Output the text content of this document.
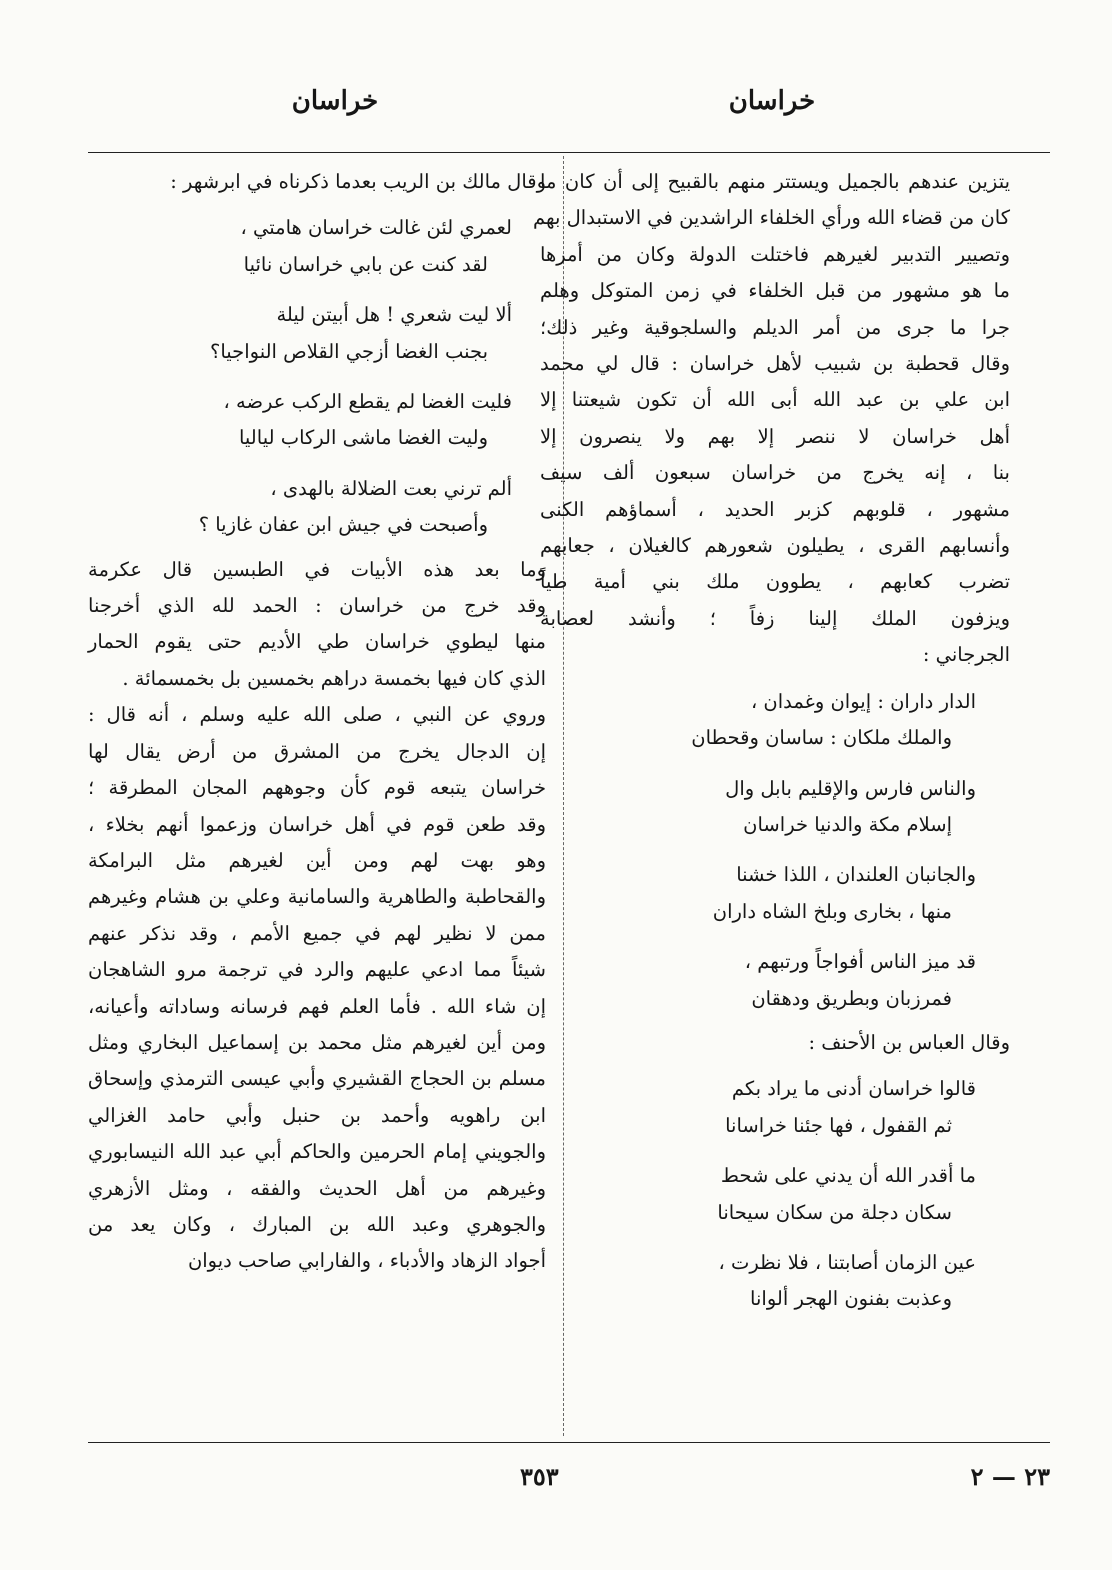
خراسان
خراسان

يتزين عندهم بالجميل ويستتر منهم بالقبيح إلى أن كان ما
كان من قضاء الله ورأي الخلفاء الراشدين في الاستبدال بهم
وتصيير التدبير لغيرهم فاختلت الدولة وكان من أمرها
ما هو مشهور من قبل الخلفاء في زمن المتوكل وهلم
جرا ما جرى من أمر الديلم والسلجوقية وغير ذلك؛
وقال قحطبة بن شبيب لأهل خراسان : قال لي محمد
ابن علي بن عبد الله أبى الله أن تكون شيعتنا إلا
أهل خراسان لا ننصر إلا بهم ولا ينصرون إلا
بنا ، إنه يخرج من خراسان سبعون ألف سيف
مشهور ، قلوبهم كزبر الحديد ، أسماؤهم الكنى
وأنسابهم القرى ، يطيلون شعورهم كالغيلان ، جعابهم
تضرب كعابهم ، يطوون ملك بني أمية طياً
ويزفون الملك إلينا زفاً ؛ وأنشد لعصابة
الجرجاني :

الدار داران : إيوان وغمدان ،
والملك ملكان : ساسان وقحطان
والناس فارس والإقليم بابل وال
إسلام مكة والدنيا خراسان
والجانبان العلندان ، اللذا خشنا
منها ، بخارى وبلخ الشاه داران
قد ميز الناس أفواجاً ورتبهم ،
فمرزبان وبطريق ودهقان

وقال العباس بن الأحنف :

قالوا خراسان أدنى ما يراد بكم
ثم القفول ، فها جئنا خراسانا
ما أقدر الله أن يدني على شحط
سكان دجلة من سكان سيحانا
عين الزمان أصابتنا ، فلا نظرت ،
وعذبت بفنون الهجر ألوانا

وقال مالك بن الريب بعدما ذكرناه في ابرشهر :

لعمري لئن غالت خراسان هامتي ،
لقد كنت عن بابي خراسان نائيا
ألا ليت شعري ! هل أبيتن ليلة
بجنب الغضا أزجي القلاص النواجيا؟
فليت الغضا لم يقطع الركب عرضه ،
وليت الغضا ماشى الركاب لياليا
ألم ترني بعت الضلالة بالهدى ،
وأصبحت في جيش ابن عفان غازيا ؟

وما بعد هذه الأبيات في الطبسين قال عكرمة
وقد خرج من خراسان : الحمد لله الذي أخرجنا
منها ليطوي خراسان طي الأديم حتى يقوم الحمار
الذي كان فيها بخمسة دراهم بخمسين بل بخمسمائة .

وروي عن النبي ، صلى الله عليه وسلم ، أنه قال :
إن الدجال يخرج من المشرق من أرض يقال لها
خراسان يتبعه قوم كأن وجوههم المجان المطرقة ؛
وقد طعن قوم في أهل خراسان وزعموا أنهم بخلاء ،
وهو بهت لهم ومن أين لغيرهم مثل البرامكة
والقحاطبة والطاهرية والسامانية وعلي بن هشام وغيرهم
ممن لا نظير لهم في جميع الأمم ، وقد نذكر عنهم
شيئاً مما ادعي عليهم والرد في ترجمة مرو الشاهجان
إن شاء الله . فأما العلم فهم فرسانه وساداته وأعيانه،
ومن أين لغيرهم مثل محمد بن إسماعيل البخاري ومثل
مسلم بن الحجاج القشيري وأبي عيسى الترمذي وإسحاق
ابن راهويه وأحمد بن حنبل وأبي حامد الغزالي
والجويني إمام الحرمين والحاكم أبي عبد الله النيسابوري
وغيرهم من أهل الحديث والفقه ، ومثل الأزهري
والجوهري وعبد الله بن المبارك ، وكان يعد من
أجواد الزهاد والأدباء ، والفارابي صاحب ديوان

٣٥٣	٢٣ — ٢
